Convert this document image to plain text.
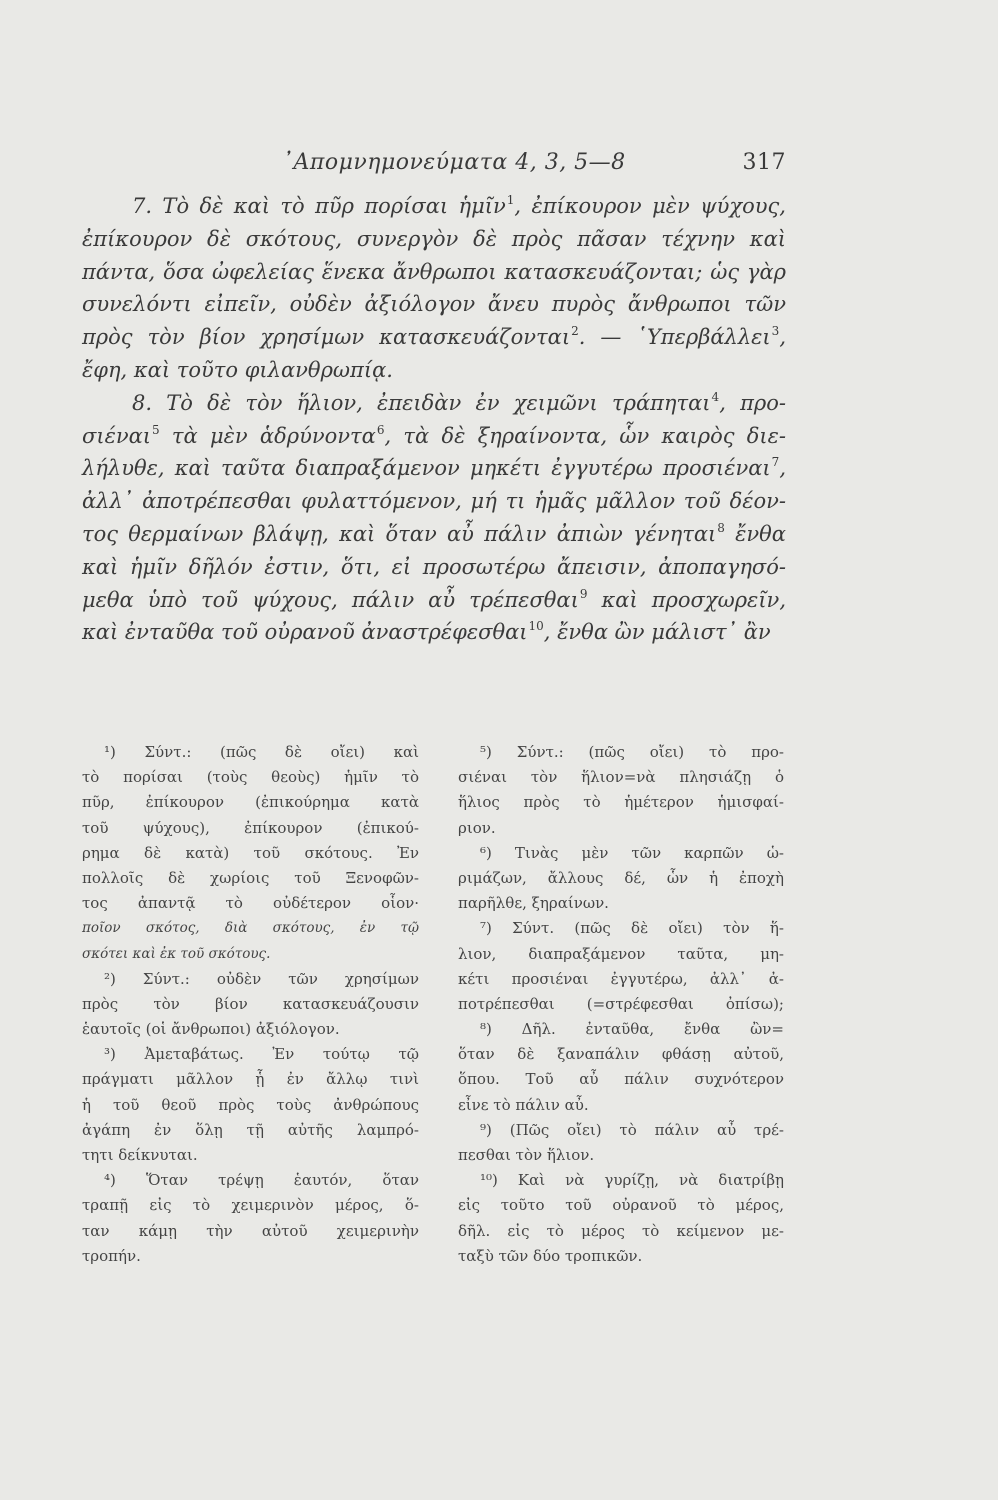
᾿Απομνημονεύματα 4, 3, 5—8	317
7. Τὸ δὲ καὶ τὸ πῦρ πορίσαι ἡμῖν$^1$, ἐπίκουρον μὲν ψύχους,
ἐπίκουρον δὲ σκότους, συνεργὸν δὲ πρὸς πᾶσαν τέχνην καὶ
πάντα, ὅσα ὠφελείας ἕνεκα ἄνθρωποι κατασκευάζονται; ὡς γὰρ
συνελόντι εἰπεῖν, οὐδὲν ἀξιόλογον ἄνευ πυρὸς ἄνθρωποι τῶν
πρὸς τὸν βίον χρησίμων κατασκευάζονται$^2$. — ῾Υπερβάλλει$^3$,
ἔφη, καὶ τοῦτο φιλανθρωπίᾳ.
8. Τὸ δὲ τὸν ἥλιον, ἐπειδὰν ἐν χειμῶνι τράπηται$^4$, προ-
σιέναι$^5$ τὰ μὲν ἁδρύνοντα$^6$, τὰ δὲ ξηραίνοντα, ὧν καιρὸς διε-
λήλυθε, καὶ ταῦτα διαπραξάμενον μηκέτι ἐγγυτέρω προσιέναι$^7$,
ἀλλ᾿ ἀποτρέπεσθαι φυλαττόμενον, μή τι ἡμᾶς μᾶλλον τοῦ δέον-
τος θερμαίνων βλάψῃ, καὶ ὅταν αὖ πάλιν ἀπιὼν γένηται$^8$ ἔνθα
καὶ ἡμῖν δῆλόν ἐστιν, ὅτι, εἰ προσωτέρω ἄπεισιν, ἀποπαγησό-
μεθα ὑπὸ τοῦ ψύχους, πάλιν αὖ τρέπεσθαι$^9$ καὶ προσχωρεῖν,
καὶ ἐνταῦθα τοῦ οὐρανοῦ ἀναστρέφεσθαι$^{10}$, ἔνθα ὢν μάλιστ᾿ ἂν
¹) Σύντ.: (πῶς δὲ οἴει) καὶ
τὸ πορίσαι (τοὺς θεοὺς) ἡμῖν τὸ
πῦρ, ἐπίκουρον (ἐπικούρημα κατὰ
τοῦ ψύχους), ἐπίκουρον (ἐπικού-
ρημα δὲ κατὰ) τοῦ σκότους. Ἐν
πολλοῖς δὲ χωρίοις τοῦ Ξενοφῶν-
τος ἀπαντᾷ τὸ οὐδέτερον οἷον·
ποῖον σκότος, διὰ σκότους, ἐν τῷ
σκότει καὶ ἐκ τοῦ σκότους.
²) Σύντ.: οὐδὲν τῶν χρησίμων
πρὸς τὸν βίον κατασκευάζουσιν
ἑαυτοῖς (οἱ ἄνθρωποι) ἀξιόλογον.
³) Ἀμεταβάτως. Ἐν τούτῳ τῷ
πράγματι μᾶλλον ᾗ ἐν ἄλλῳ τινὶ
ἡ τοῦ θεοῦ πρὸς τοὺς ἀνθρώπους
ἀγάπη ἐν ὅλῃ τῇ αὐτῆς λαμπρό-
τητι δείκνυται.
⁴) Ὅταν τρέψῃ ἑαυτόν, ὅταν
τραπῇ εἰς τὸ χειμερινὸν μέρος, ὅ-
ταν κάμῃ τὴν αὐτοῦ χειμερινὴν
τροπήν.
⁵) Σύντ.: (πῶς οἴει) τὸ προ-
σιέναι τὸν ἥλιον=νὰ πλησιάζῃ ὁ
ἥλιος πρὸς τὸ ἡμέτερον ἡμισφαί-
ριον.
⁶) Τινὰς μὲν τῶν καρπῶν ὡ-
ριμάζων, ἄλλους δέ, ὧν ἡ ἐποχὴ
παρῆλθε, ξηραίνων.
⁷) Σύντ. (πῶς δὲ οἴει) τὸν ἥ-
λιον, διαπραξάμενον ταῦτα, μη-
κέτι προσιέναι ἐγγυτέρω, ἀλλ᾿ ἀ-
ποτρέπεσθαι (=στρέφεσθαι ὀπίσω);
⁸) Δῆλ. ἐνταῦθα, ἔνθα ὢν=
ὅταν δὲ ξαναπάλιν φθάσῃ αὐτοῦ,
ὅπου. Τοῦ αὖ πάλιν συχνότερον
εἶνε τὸ πάλιν αὖ.
⁹) (Πῶς οἴει) τὸ πάλιν αὖ τρέ-
πεσθαι τὸν ἥλιον.
¹⁰) Καὶ νὰ γυρίζῃ, νὰ διατρίβῃ
εἰς τοῦτο τοῦ οὐρανοῦ τὸ μέρος,
δῆλ. εἰς τὸ μέρος τὸ κείμενον με-
ταξὺ τῶν δύο τροπικῶν.
